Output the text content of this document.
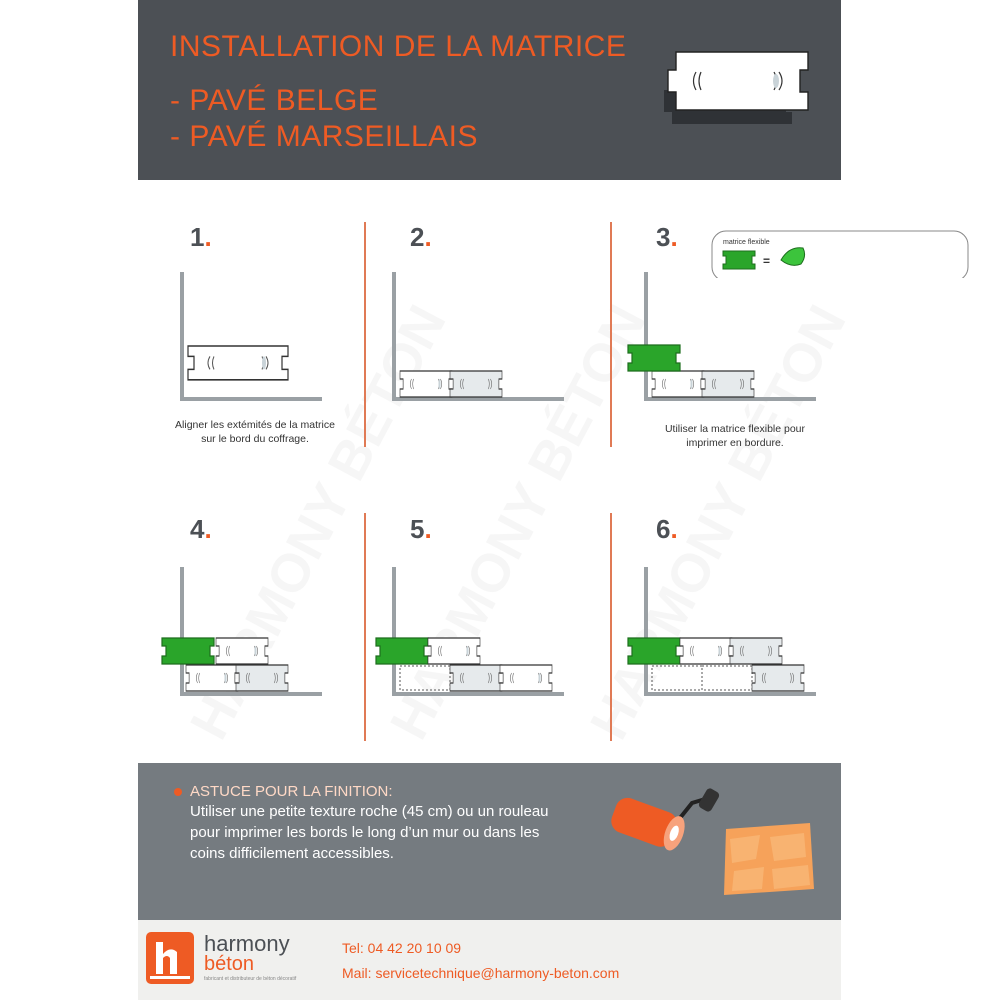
INSTALLATION DE LA MATRICE
- PAVÉ BELGE
- PAVÉ MARSEILLAIS
1.
Aligner les extémités de la matrice
sur le bord du coffrage.
2.	3.
Utiliser la matrice flexible pour
imprimer en bordure.
4.	5.	6.
matrice flexible
=
ASTUCE POUR LA FINITION:
Utiliser une petite texture roche (45 cm) ou un rouleau pour imprimer les bords le long d’un mur ou dans les coins difficilement accessibles.
harmony
béton
fabricant et distributeur de béton décoratif
Tel: 04 42 20 10 09
Mail: servicetechnique@harmony-beton.com
